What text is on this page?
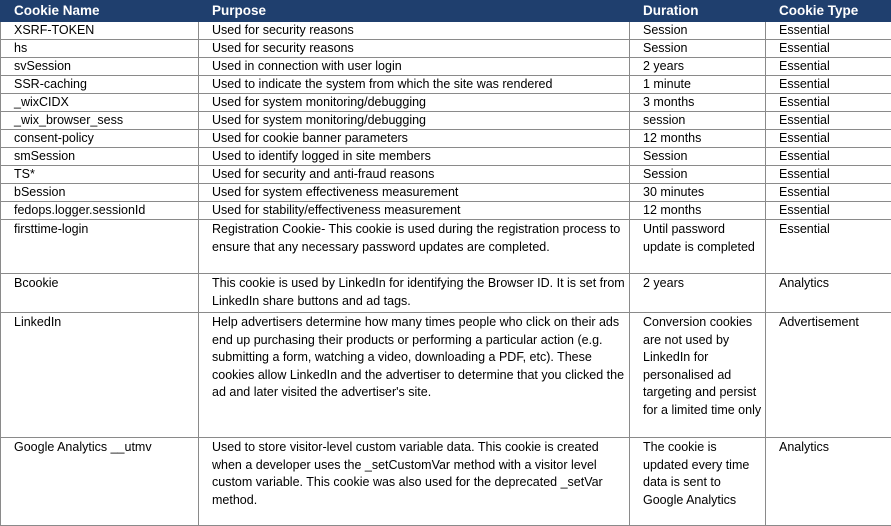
Cookie Name	Purpose	Duration	Cookie Type
XSRF-TOKEN	Used for security reasons	Session	Essential
hs	Used for security reasons	Session	Essential
svSession	Used in connection with user login	2 years	Essential
SSR-caching	Used to indicate the system from which the site was rendered	1 minute	Essential
_wixCIDX	Used for system monitoring/debugging	3 months	Essential
_wix_browser_sess	Used for system monitoring/debugging	session	Essential
consent-policy	Used for cookie banner parameters	12 months	Essential
smSession	Used to identify logged in site members	Session	Essential
TS*	Used for security and anti-fraud reasons	Session	Essential
bSession	Used for system effectiveness measurement	30 minutes	Essential
fedops.logger.sessionId	Used for stability/effectiveness measurement	12 months	Essential
firsttime-login	Registration Cookie- This cookie is used during the registration process to ensure that any necessary password updates are completed.	Until password update is completed	Essential
Bcookie	This cookie is used by LinkedIn for identifying the Browser ID. It is set from LinkedIn share buttons and ad tags.	2 years	Analytics
LinkedIn	Help advertisers determine how many times people who click on their ads end up purchasing their products or performing a particular action (e.g. submitting a form, watching a video, downloading a PDF, etc). These cookies allow LinkedIn and the advertiser to determine that you clicked the ad and later visited the advertiser's site.	Conversion cookies are not used by LinkedIn for personalised ad targeting and persist for a limited time only	Advertisement
Google Analytics __utmv	Used to store visitor-level custom variable data. This cookie is created when a developer uses the _setCustomVar method with a visitor level custom variable. This cookie was also used for the deprecated _setVar method.	The cookie is updated every time data is sent to Google Analytics	Analytics
